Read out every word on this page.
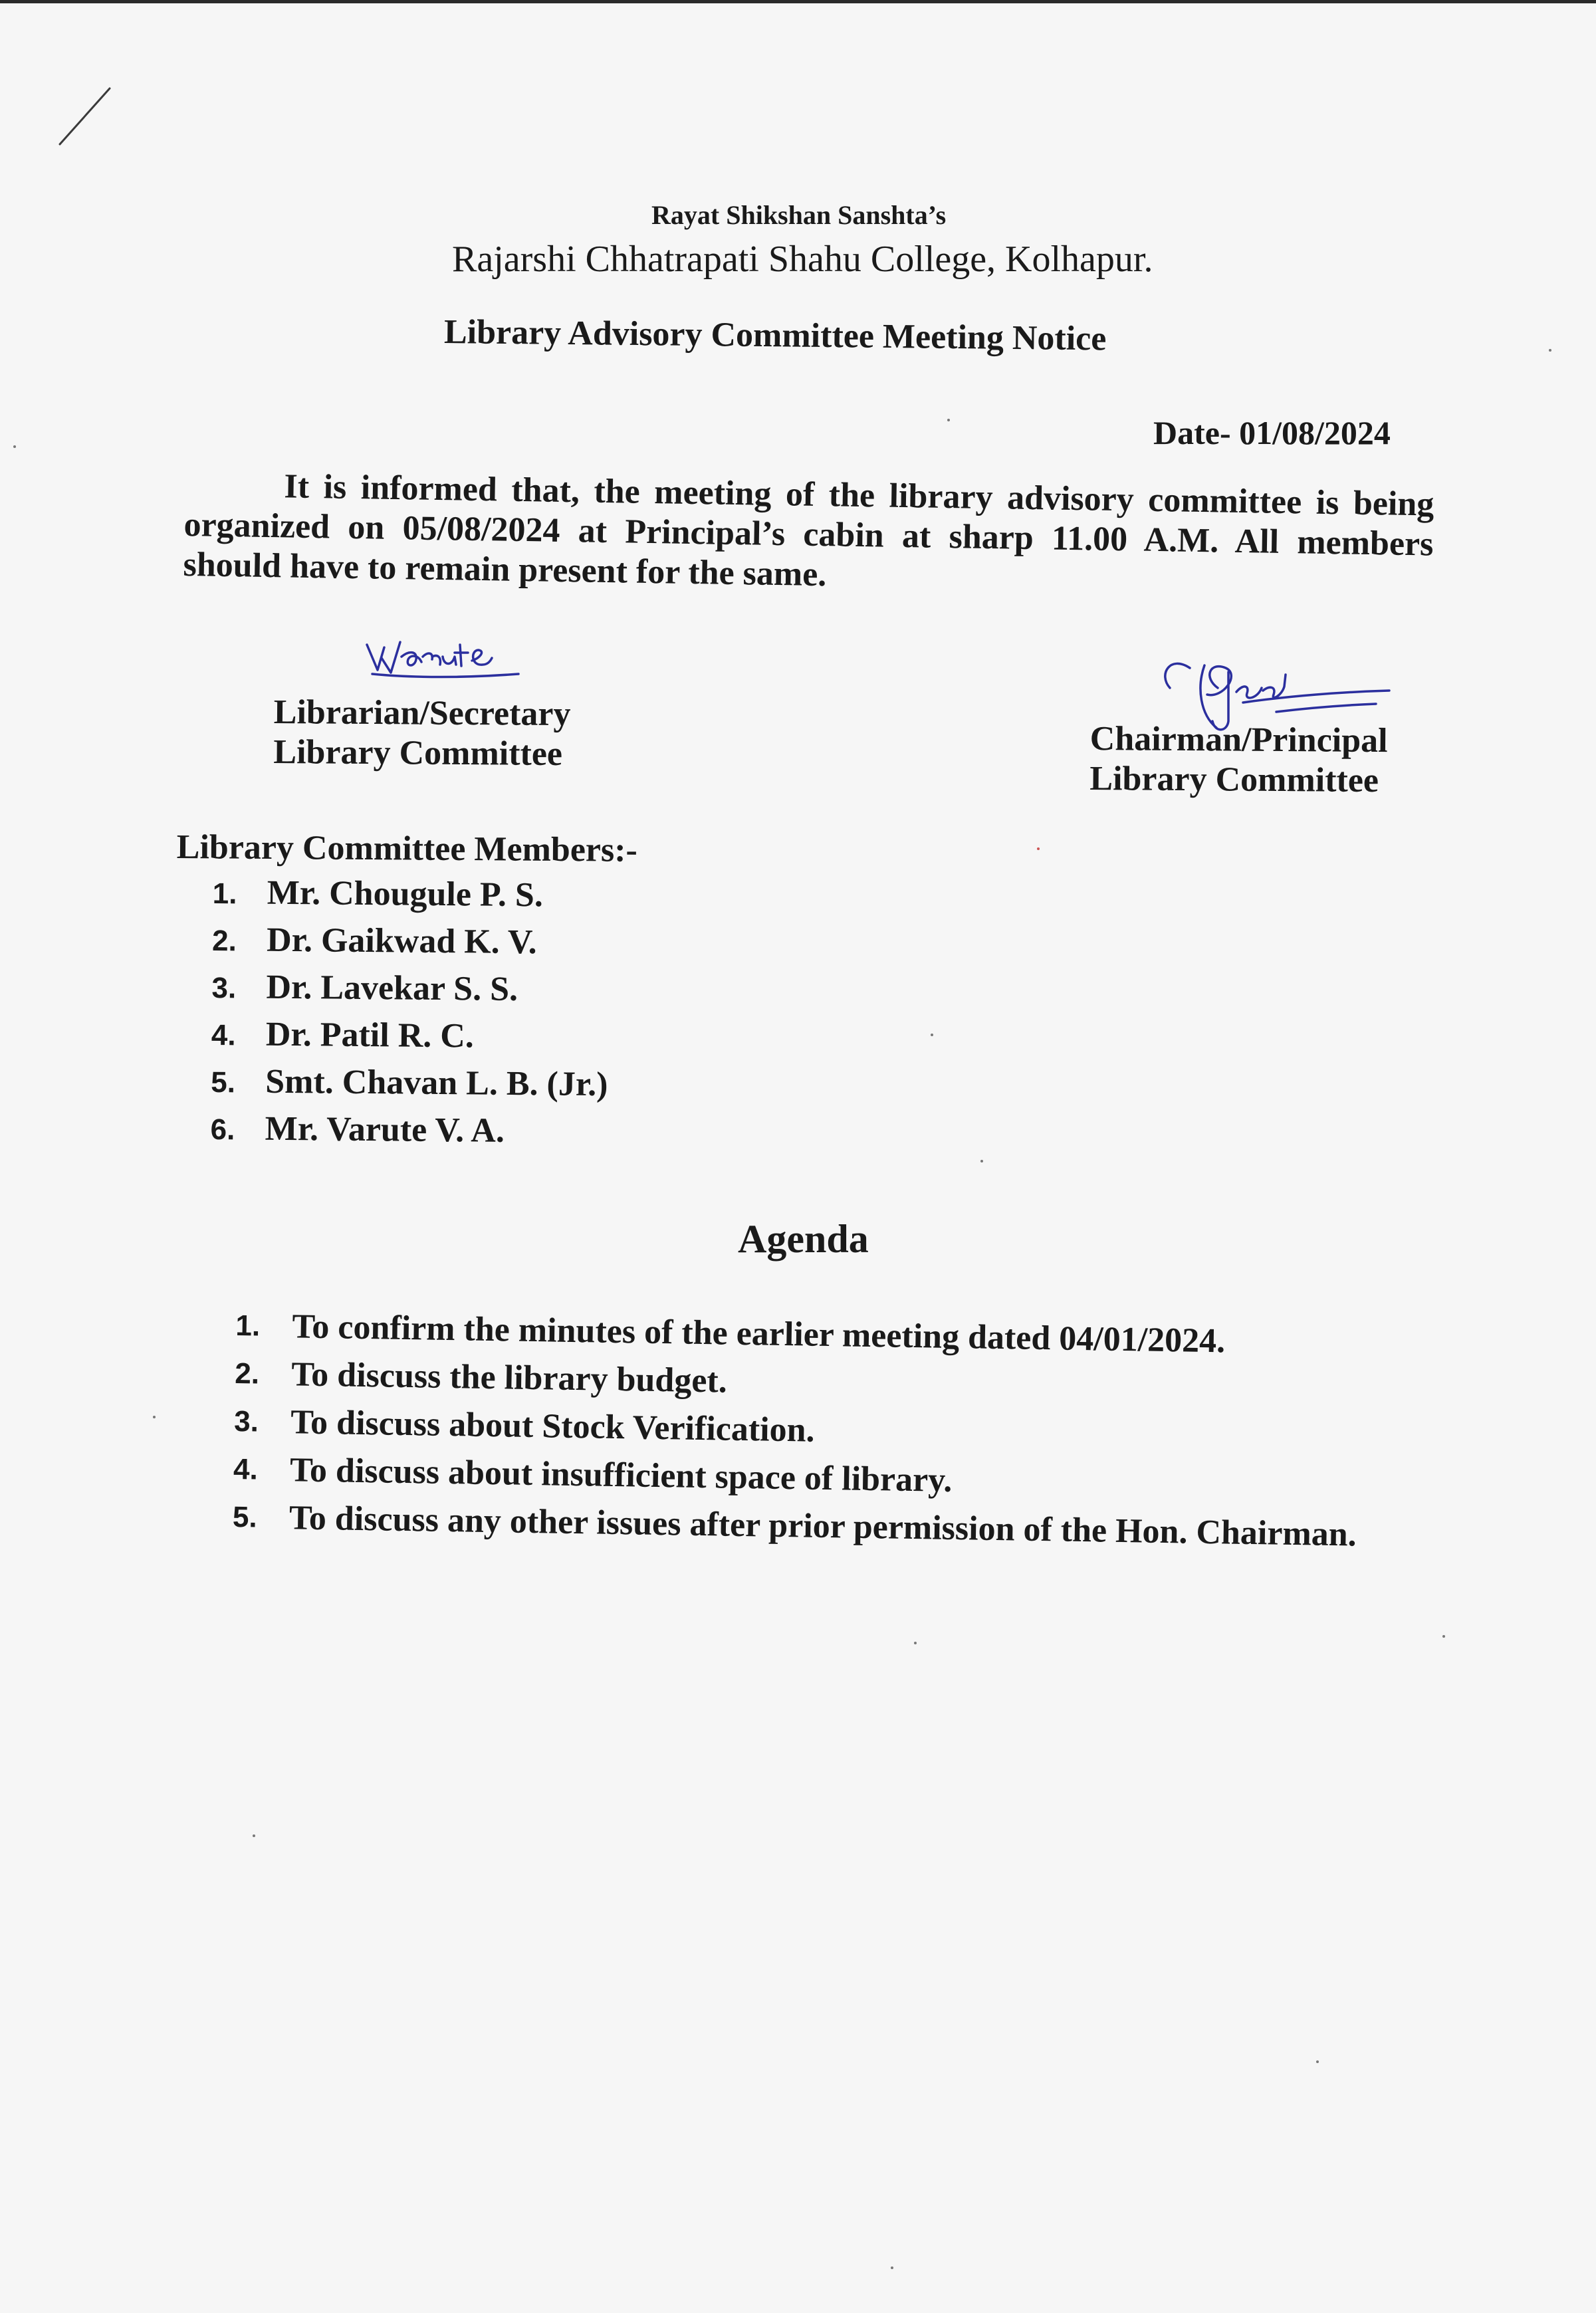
Rayat Shikshan Sanshta’s
Rajarshi Chhatrapati Shahu College, Kolhapur.
Library Advisory Committee Meeting Notice
Date- 01/08/2024
It is informed that, the meeting of the library advisory committee is being organized on 05/08/2024 at Principal’s cabin at sharp 11.00 A.M. All members should have to remain present for the same.
Librarian/Secretary
Library Committee	Chairman/Principal
Library Committee
Library Committee Members:-
1. Mr. Chougule P. S.
2. Dr. Gaikwad K. V.
3. Dr. Lavekar S. S.
4. Dr. Patil R. C.
5. Smt. Chavan L. B. (Jr.)
6. Mr. Varute V. A.
Agenda
1. To confirm the minutes of the earlier meeting dated 04/01/2024.
2. To discuss the library budget.
3. To discuss about Stock Verification.
4. To discuss about insufficient space of library.
5. To discuss any other issues after prior permission of the Hon. Chairman.
